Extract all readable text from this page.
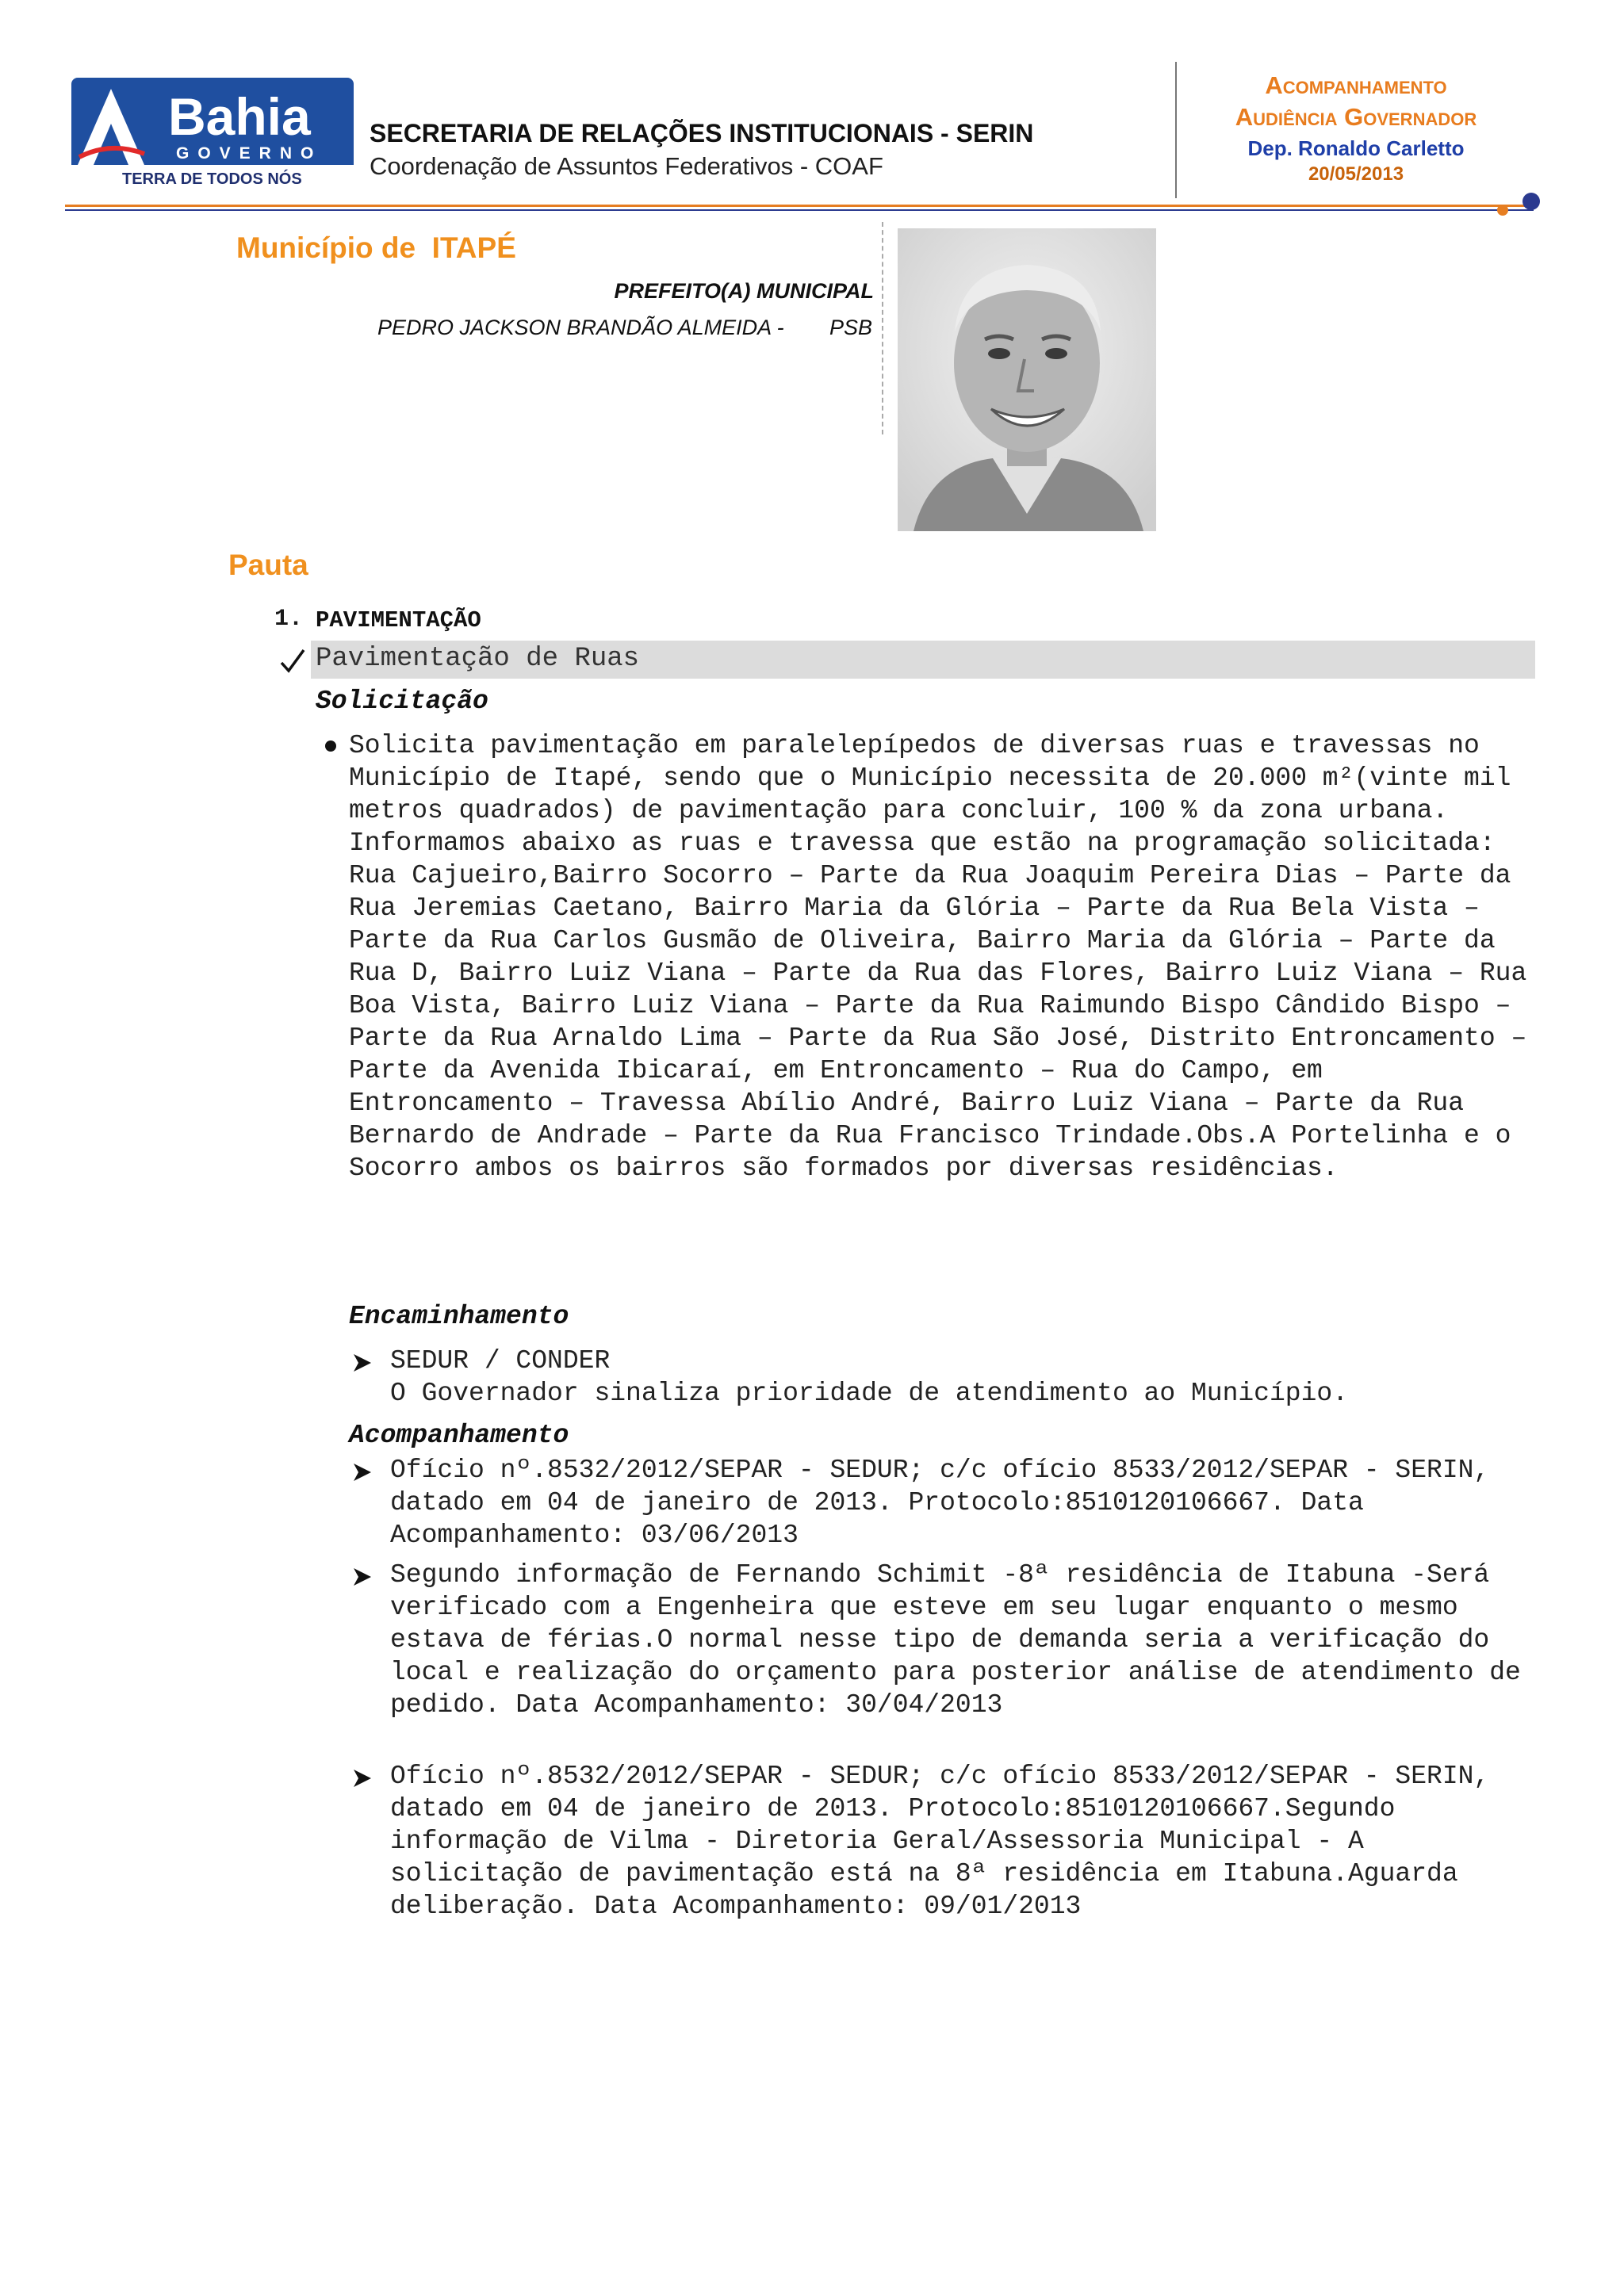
Bahia
GOVERNO
TERRA DE TODOS NÓS
SECRETARIA DE RELAÇÕES INSTITUCIONAIS - SERIN
Coordenação de Assuntos Federativos - COAF
Acompanhamento
Audiência Governador
Dep. Ronaldo Carletto
20/05/2013
Município de  ITAPÉ
PREFEITO(A) MUNICIPAL
PEDRO JACKSON BRANDÃO ALMEIDA - PSB
Pauta
1. PAVIMENTAÇÃO
Pavimentação de Ruas
Solicitação
Solicita pavimentação em paralelepípedos de diversas ruas e travessas no Município de Itapé, sendo que o Município necessita de 20.000 m²(vinte mil metros quadrados) de pavimentação para concluir, 100 % da zona urbana. Informamos abaixo as ruas e travessa que estão na programação solicitada: Rua Cajueiro,Bairro Socorro – Parte da Rua Joaquim Pereira Dias – Parte da Rua Jeremias Caetano, Bairro Maria da Glória – Parte da Rua Bela Vista – Parte da Rua Carlos Gusmão de Oliveira, Bairro Maria da Glória – Parte da Rua D, Bairro Luiz Viana – Parte da Rua das Flores, Bairro Luiz Viana – Rua Boa Vista, Bairro Luiz Viana – Parte da Rua Raimundo Bispo Cândido Bispo – Parte da Rua Arnaldo Lima – Parte da Rua São José, Distrito Entroncamento – Parte da Avenida Ibicaraí, em Entroncamento – Rua do Campo, em Entroncamento – Travessa Abílio André, Bairro Luiz Viana – Parte da Rua Bernardo de Andrade – Parte da Rua Francisco Trindade.Obs.A Portelinha e o Socorro ambos os bairros são formados por diversas residências.
Encaminhamento
SEDUR / CONDER
O Governador sinaliza prioridade de atendimento ao Município.
Acompanhamento
Ofício nº.8532/2012/SEPAR - SEDUR; c/c ofício 8533/2012/SEPAR - SERIN, datado em 04 de janeiro de 2013. Protocolo:8510120106667. Data Acompanhamento: 03/06/2013
Segundo informação de Fernando Schimit -8ª residência de Itabuna -Será verificado com a Engenheira que esteve em seu lugar enquanto o mesmo estava de férias.O normal nesse tipo de demanda seria a verificação do local e realização do orçamento para posterior análise de atendimento de pedido. Data Acompanhamento: 30/04/2013
Ofício nº.8532/2012/SEPAR - SEDUR; c/c ofício 8533/2012/SEPAR - SERIN, datado em 04 de janeiro de 2013. Protocolo:8510120106667.Segundo informação de Vilma - Diretoria Geral/Assessoria Municipal - A solicitação de pavimentação está na 8ª residência em Itabuna.Aguarda deliberação. Data Acompanhamento: 09/01/2013
